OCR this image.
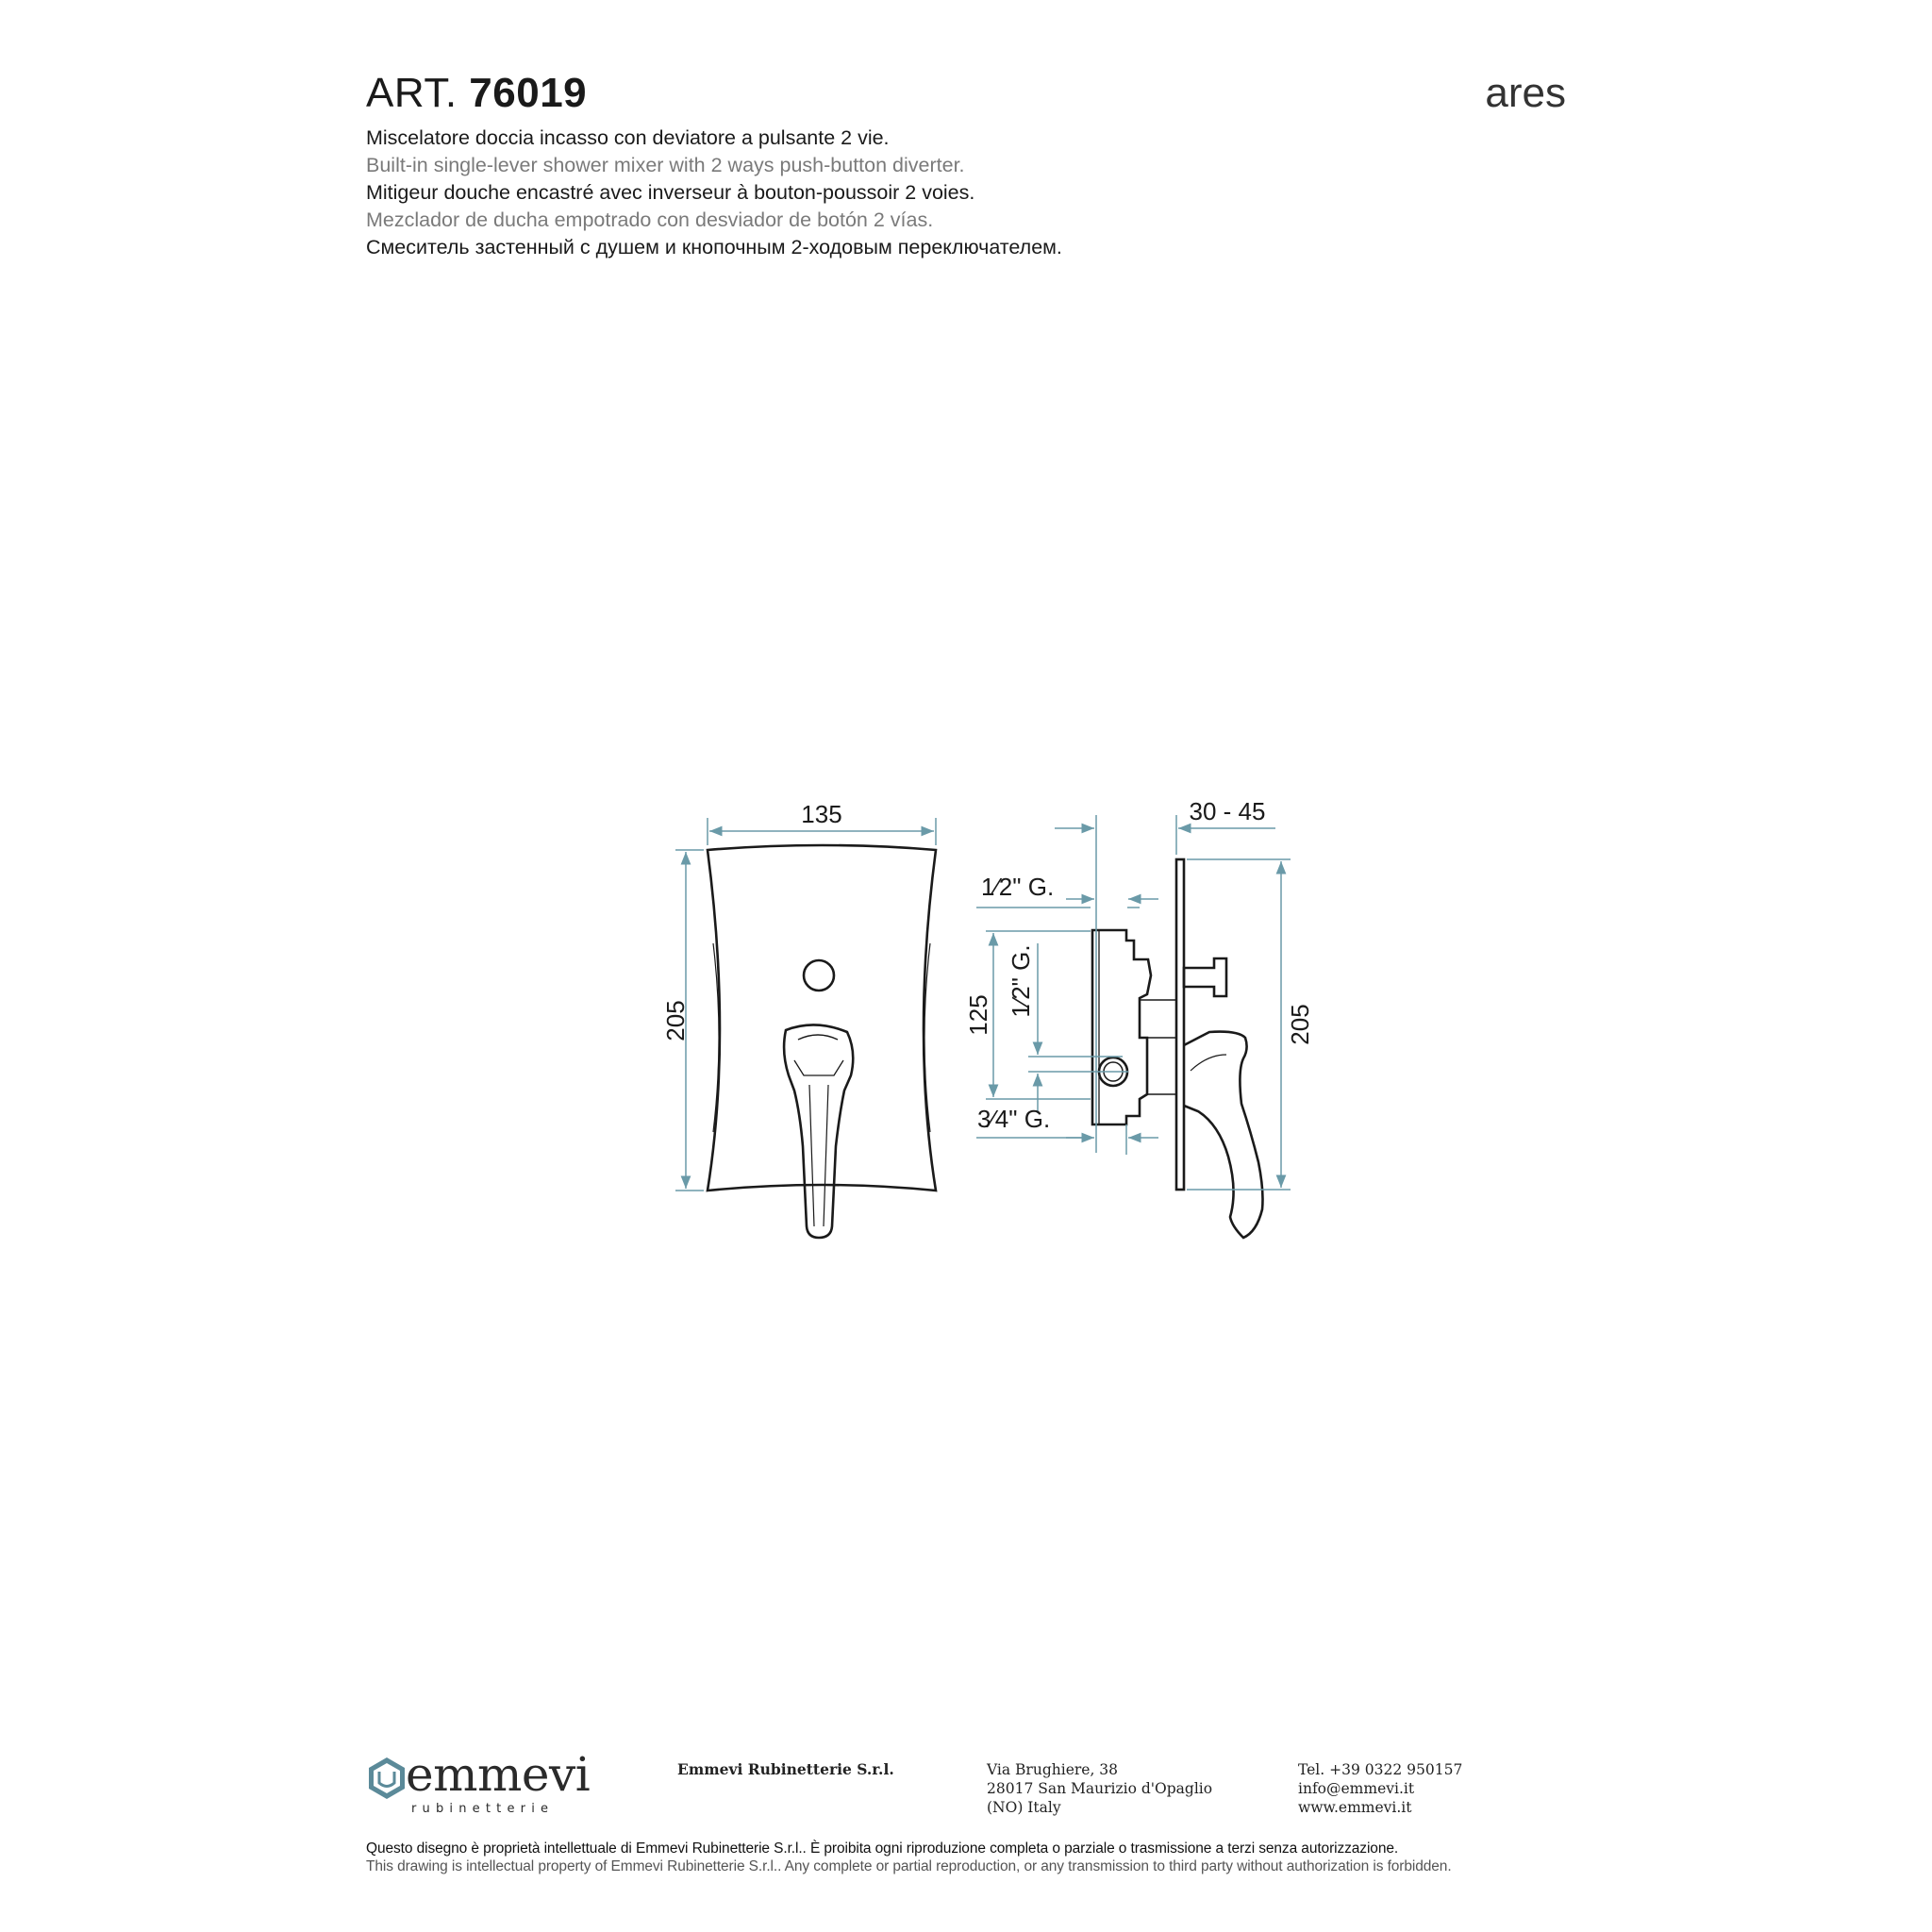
ART. 76019	ares
Miscelatore doccia incasso con deviatore a pulsante 2 vie.
Built-in single-lever shower mixer with 2 ways push-button diverter.
Mitigeur douche encastré avec inverseur à bouton-poussoir 2 voies.
Mezclador de ducha empotrado con desviador de botón 2 vías.
Смеситель застенный с душем и кнопочным 2-ходовым переключателем.
135
205
30 - 45
205
1⁄2" G.
125 1⁄2" G.
3⁄4" G.
emmevi
rubinetterie
Emmevi Rubinetterie S.r.l.	Via Brughiere, 38
28017 San Maurizio d'Opaglio
(NO) Italy
Tel. +39 0322 950157
info@emmevi.it
www.emmevi.it
Questo disegno è proprietà intellettuale di Emmevi Rubinetterie S.r.l.. È proibita ogni riproduzione completa o parziale o trasmissione a terzi senza autorizzazione.
This drawing is intellectual property of Emmevi Rubinetterie S.r.l.. Any complete or partial reproduction, or any transmission to third party without authorization is forbidden.
